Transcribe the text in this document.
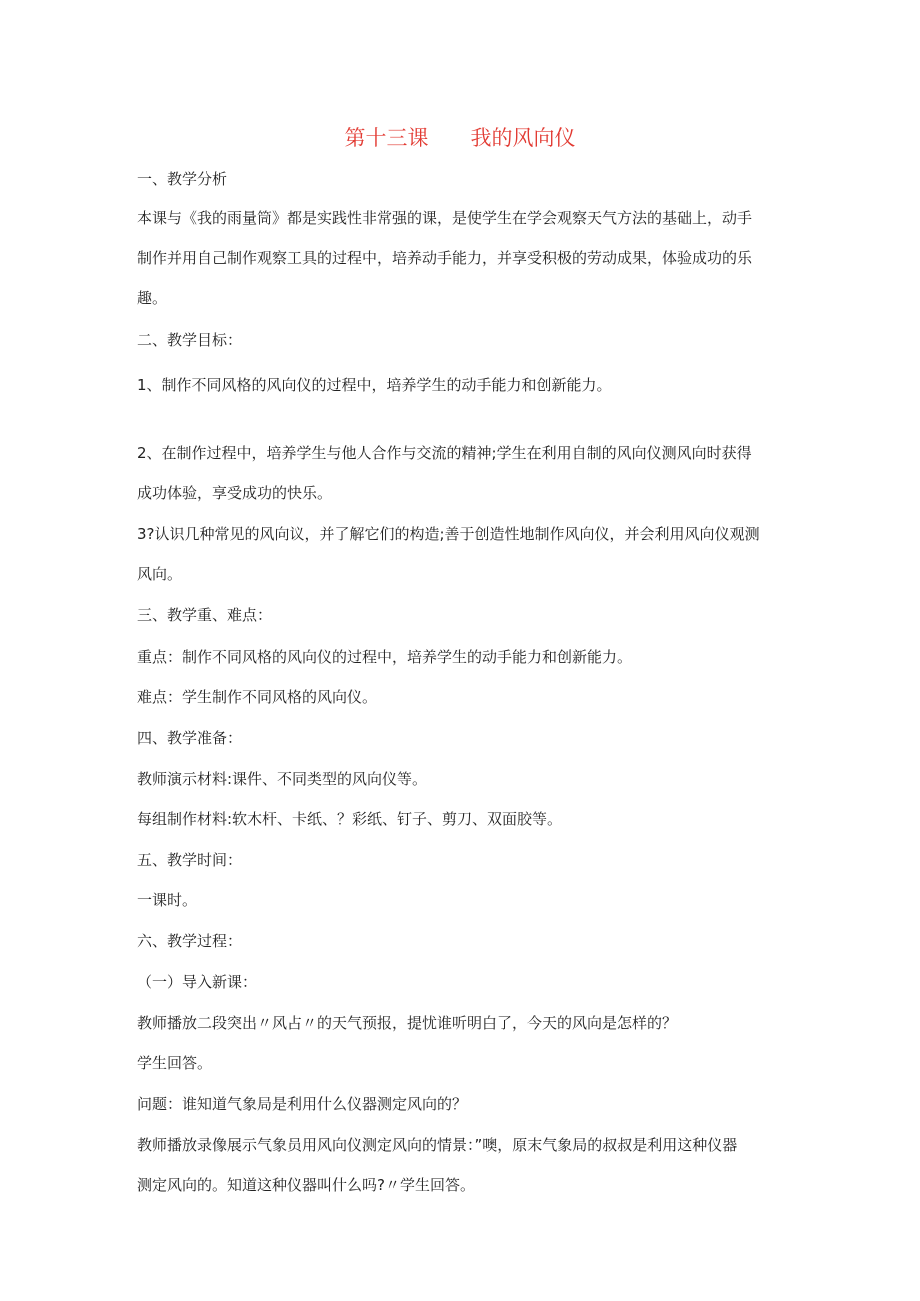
第十三课　　我的风向仪
一、教学分析
本课与《我的雨量筒》都是实践性非常强的课，是使学生在学会观察天气方法的基础上，动手
制作并用自己制作观察工具的过程中，培养动手能力，并享受积极的劳动成果，体验成功的乐
趣。
二、教学目标：
1、制作不同风格的风向仪的过程中，培养学生的动手能力和创新能力。
2、在制作过程中，培养学生与他人合作与交流的精神;学生在利用自制的风向仪测风向时获得
成功体验，享受成功的快乐。
3?认识几种常见的风向议，并了解它们的构造;善于创造性地制作风向仪，并会利用风向仪观测
风向。
三、教学重、难点：
重点：制作不同风格的风向仪的过程中，培养学生的动手能力和创新能力。
难点：学生制作不同风格的风向仪。
四、教学准备：
教师演示材料:课件、不同类型的风向仪等。
每组制作材料:软木杆、卡纸、？彩纸、钉子、剪刀、双面胶等。
五、教学时间：
一课时。
六、教学过程：
（一）导入新课：
教师播放二段突出〃风占〃的天气预报，提忧谁听明白了，今天的风向是怎样的？
学生回答。
问题：谁知道气象局是利用什么仪器测定风向的？
教师播放录像展示气象员用风向仪测定风向的情景：”噢，原末气象局的叔叔是利用这种仪器
测定风向的。知道这种仪器叫什么吗?〃学生回答。
